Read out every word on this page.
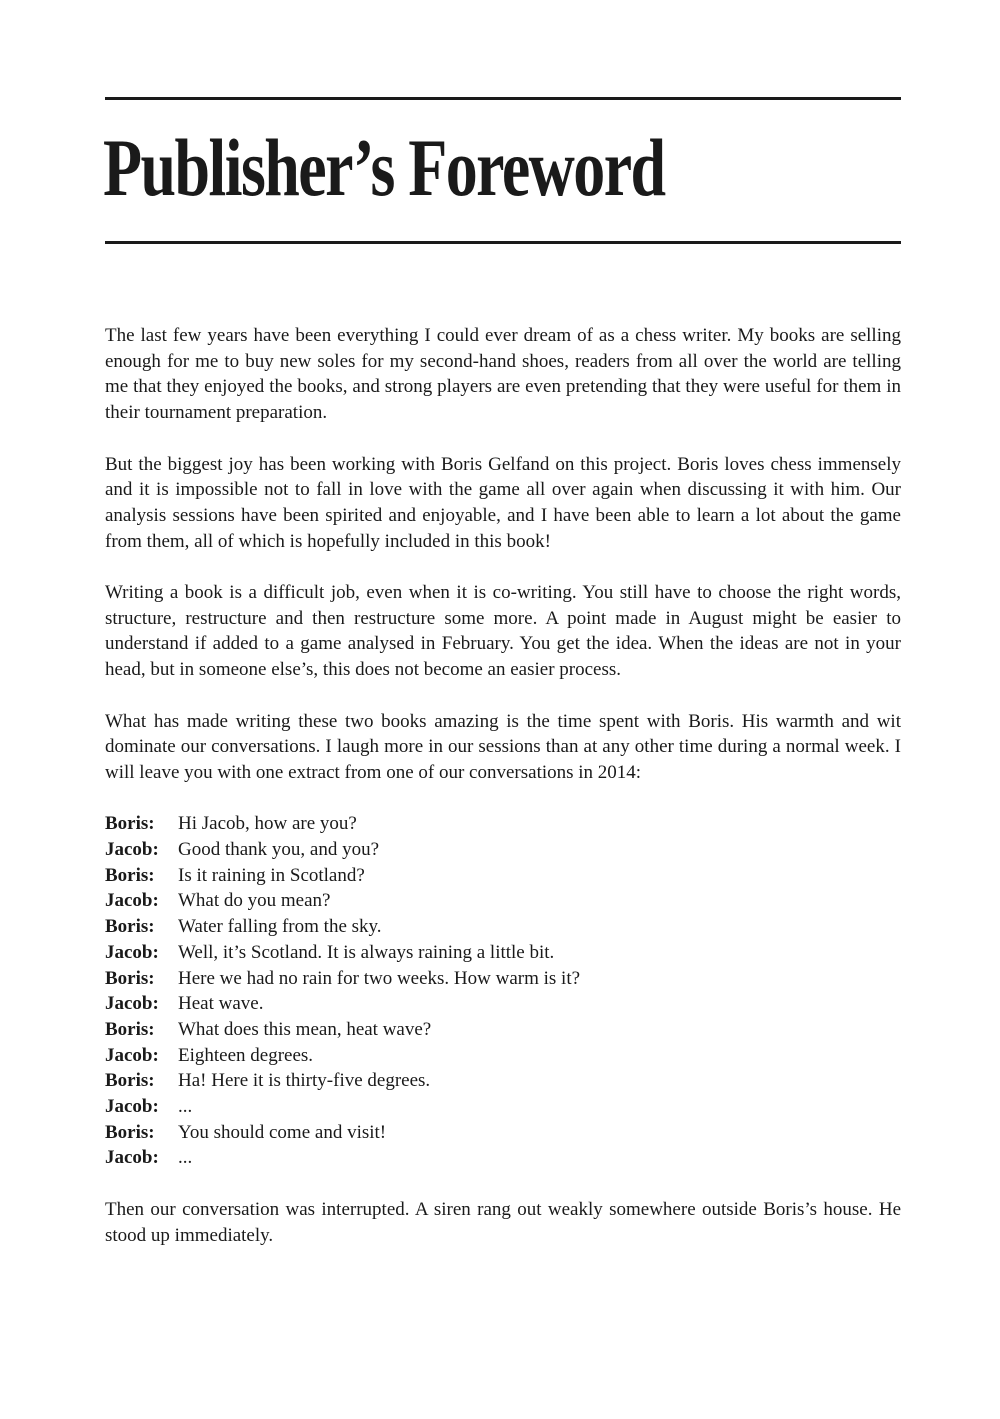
Publisher’s Foreword

The last few years have been everything I could ever dream of as a chess writer. My books are selling enough for me to buy new soles for my second-hand shoes, readers from all over the world are telling me that they enjoyed the books, and strong players are even pretending that they were useful for them in their tournament preparation.

But the biggest joy has been working with Boris Gelfand on this project. Boris loves chess immensely and it is impossible not to fall in love with the game all over again when discussing it with him. Our analysis sessions have been spirited and enjoyable, and I have been able to learn a lot about the game from them, all of which is hopefully included in this book!

Writing a book is a difficult job, even when it is co-writing. You still have to choose the right words, structure, restructure and then restructure some more. A point made in August might be easier to understand if added to a game analysed in February. You get the idea. When the ideas are not in your head, but in someone else’s, this does not become an easier process.

What has made writing these two books amazing is the time spent with Boris. His warmth and wit dominate our conversations. I laugh more in our sessions than at any other time during a normal week. I will leave you with one extract from one of our conversations in 2014:

Boris:	Hi Jacob, how are you?
Jacob:	Good thank you, and you?
Boris:	Is it raining in Scotland?
Jacob:	What do you mean?
Boris:	Water falling from the sky.
Jacob:	Well, it’s Scotland. It is always raining a little bit.
Boris:	Here we had no rain for two weeks. How warm is it?
Jacob:	Heat wave.
Boris:	What does this mean, heat wave?
Jacob:	Eighteen degrees.
Boris:	Ha! Here it is thirty-five degrees.
Jacob:	...
Boris:	You should come and visit!
Jacob:	...

Then our conversation was interrupted. A siren rang out weakly somewhere outside Boris’s house. He stood up immediately.
